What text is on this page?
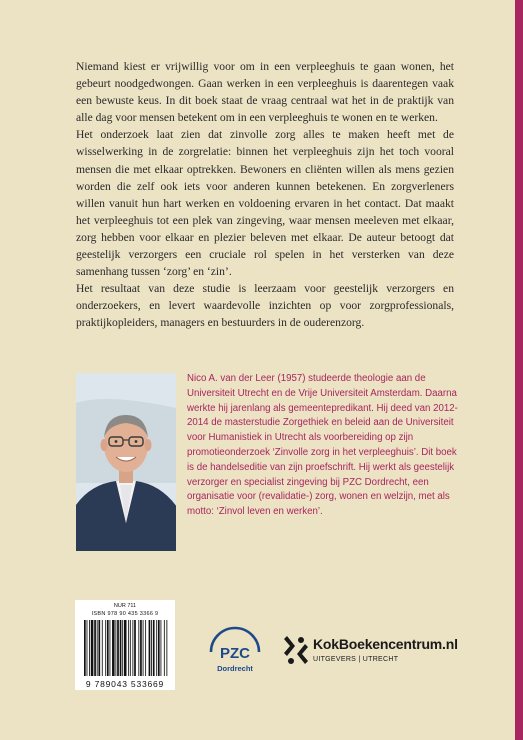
Niemand kiest er vrijwillig voor om in een verpleeghuis te gaan wonen, het gebeurt noodgedwongen. Gaan werken in een verpleeghuis is daarentegen vaak een bewuste keus. In dit boek staat de vraag centraal wat het in de praktijk van alle dag voor mensen betekent om in een verpleeghuis te wonen en te werken.

Het onderzoek laat zien dat zinvolle zorg alles te maken heeft met de wisselwerking in de zorgrelatie: binnen het verpleeghuis zijn het toch vooral mensen die met elkaar optrekken. Bewoners en cliënten willen als mens gezien worden die zelf ook iets voor anderen kunnen betekenen. En zorgverleners willen vanuit hun hart werken en voldoening ervaren in het contact. Dat maakt het verpleeghuis tot een plek van zingeving, waar mensen meeleven met elkaar, zorg hebben voor elkaar en plezier beleven met elkaar. De auteur betoogt dat geestelijk verzorgers een cruciale rol spelen in het versterken van deze samenhang tussen ‘zorg’ en ‘zin’.

Het resultaat van deze studie is leerzaam voor geestelijk verzorgers en onderzoekers, en levert waardevolle inzichten op voor zorgprofessionals, praktijkopleiders, managers en bestuurders in de ouderenzorg.

Nico A. van der Leer (1957) studeerde theologie aan de Universiteit Utrecht en de Vrije Universiteit Amsterdam. Daarna werkte hij jarenlang als gemeentepredikant. Hij deed van 2012-2014 de masterstudie Zorgethiek en beleid aan de Universiteit voor Humanistiek in Utrecht als voorbereiding op zijn promotieonderzoek ‘Zinvolle zorg in het verpleeghuis’. Dit boek is de handelseditie van zijn proefschrift. Hij werkt als geestelijk verzorger en specialist zingeving bij PZC Dordrecht, een organisatie voor (revalidatie-) zorg, wonen en welzijn, met als motto: ‘Zinvol leven en werken’.
NUR 711
ISBN 978 90 435 3366 9
9 789043 533669
PZC
Dordrecht
KokBoekencentrum.nl
UITGEVERS | UTRECHT
